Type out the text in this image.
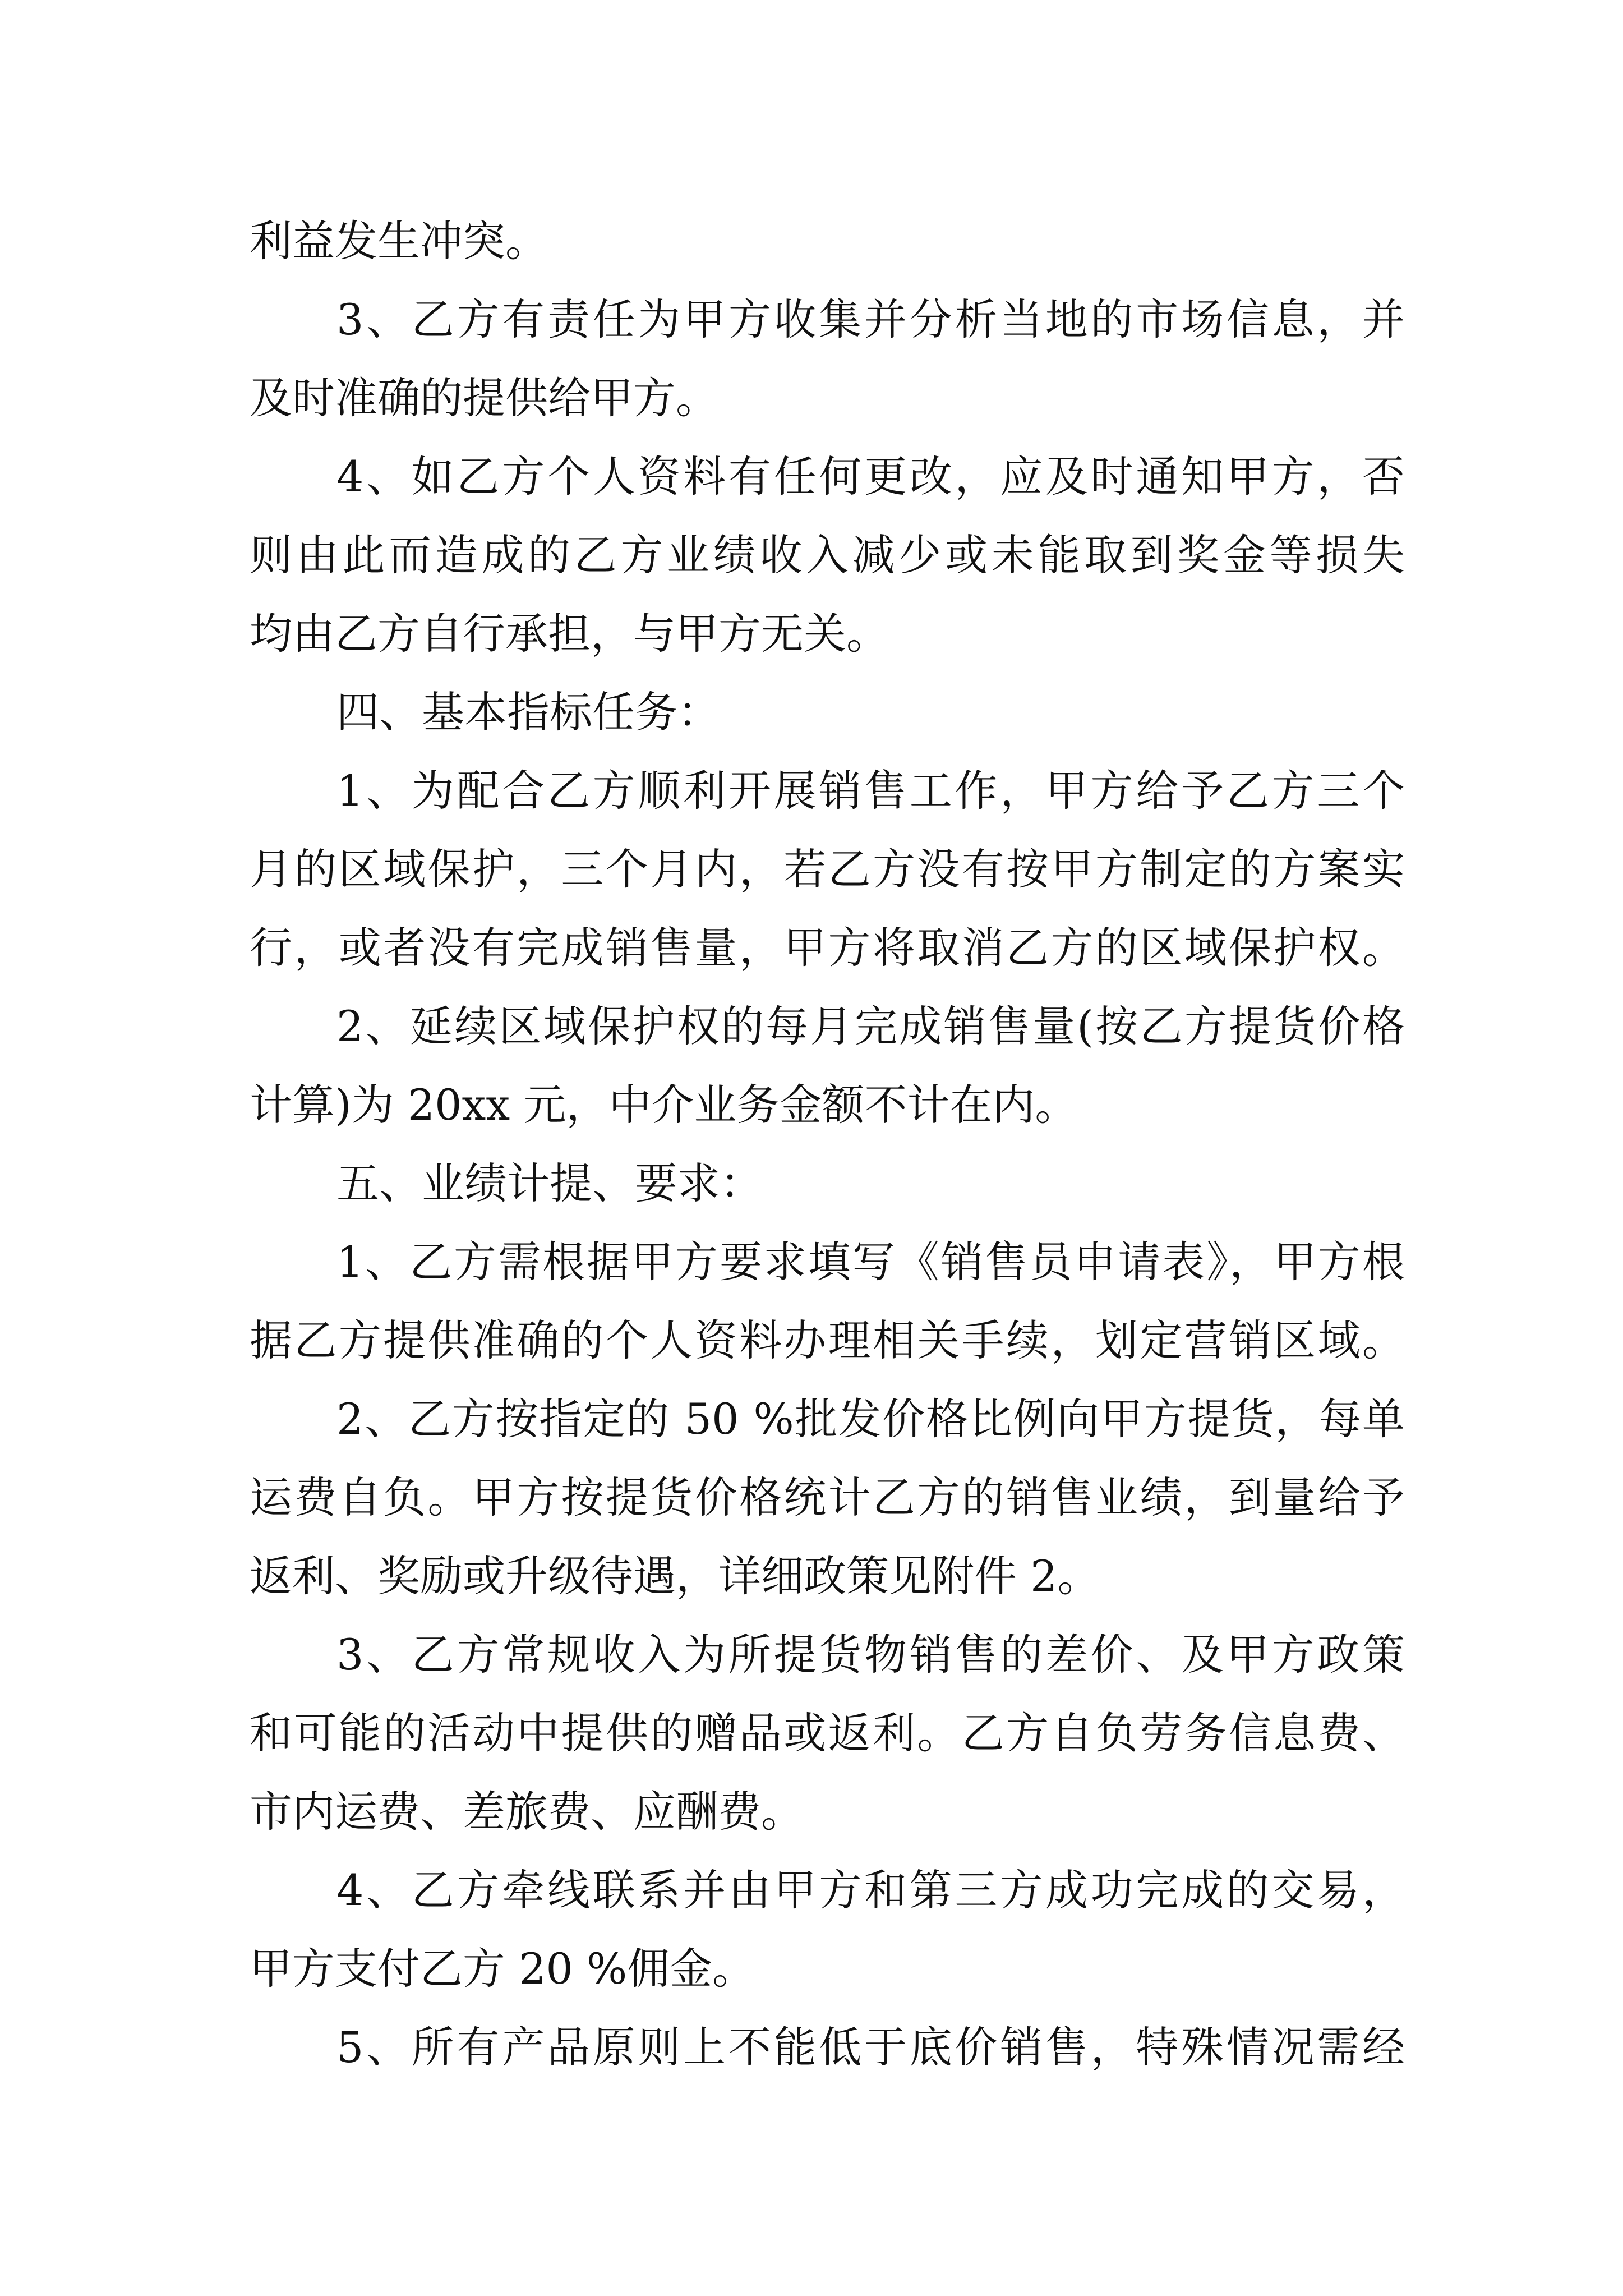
利益发生冲突。
3、乙方有责任为甲方收集并分析当地的市场信息，并
及时准确的提供给甲方。
4、如乙方个人资料有任何更改，应及时通知甲方，否
则由此而造成的乙方业绩收入减少或未能取到奖金等损失
均由乙方自行承担，与甲方无关。
四、基本指标任务：
1、为配合乙方顺利开展销售工作，甲方给予乙方三个
月的区域保护，三个月内，若乙方没有按甲方制定的方案实
行，或者没有完成销售量，甲方将取消乙方的区域保护权。
2、延续区域保护权的每月完成销售量(按乙方提货价格
计算)为 20xx 元，中介业务金额不计在内。
五、业绩计提、要求：
1、乙方需根据甲方要求填写《销售员申请表》，甲方根
据乙方提供准确的个人资料办理相关手续，划定营销区域。
2、乙方按指定的 50 %批发价格比例向甲方提货，每单
运费自负。甲方按提货价格统计乙方的销售业绩，到量给予
返利、奖励或升级待遇，详细政策见附件 2。
3、乙方常规收入为所提货物销售的差价、及甲方政策
和可能的活动中提供的赠品或返利。乙方自负劳务信息费、
市内运费、差旅费、应酬费。
4、乙方牵线联系并由甲方和第三方成功完成的交易，
甲方支付乙方 20 %佣金。
5、所有产品原则上不能低于底价销售，特殊情况需经
